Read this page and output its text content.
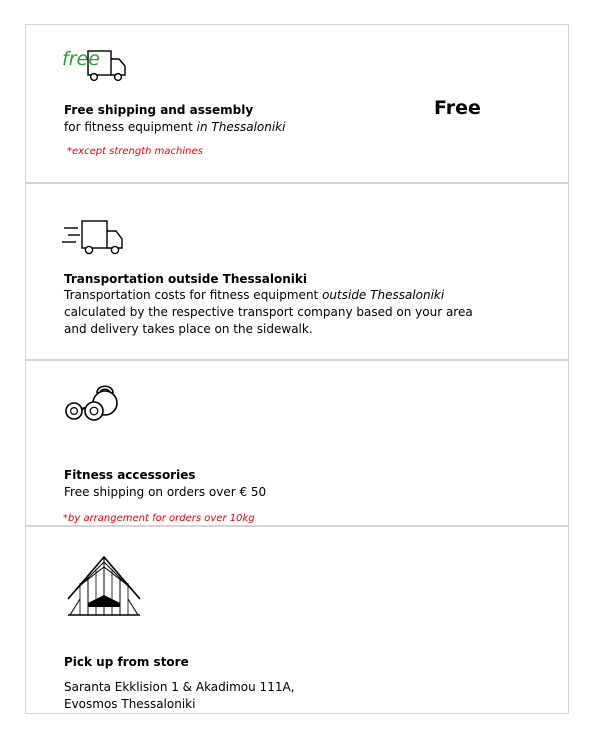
free
Free shipping and assembly
for fitness equipment in Thessaloniki
*except strength machines
Free
Transportation outside Thessaloniki
Transportation costs for fitness equipment outside Thessaloniki
calculated by the respective transport company based on your area
and delivery takes place on the sidewalk.
Fitness accessories
Free shipping on orders over € 50
*by arrangement for orders over 10kg
Pick up from store
Saranta Ekklision 1 & Akadimou 111A,
Evosmos Thessaloniki
